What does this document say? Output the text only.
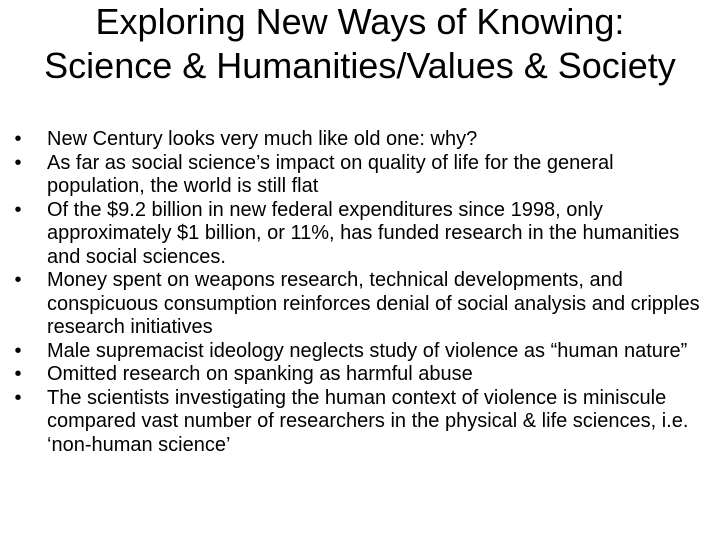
Exploring New Ways of Knowing: Science & Humanities/Values & Society
• New Century looks very much like old one: why?
• As far as social science’s impact on quality of life for the general population, the world is still flat
• Of the $9.2 billion in new federal expenditures since 1998, only approximately $1 billion, or 11%, has funded research in the humanities and social sciences.
• Money spent on weapons research, technical developments, and conspicuous consumption reinforces denial of social analysis and cripples research initiatives
• Male supremacist ideology neglects study of violence as “human nature”
• Omitted research on spanking as harmful abuse
• The scientists investigating the human context of violence is miniscule compared vast number of researchers in the physical & life sciences, i.e. ‘non-human science’
